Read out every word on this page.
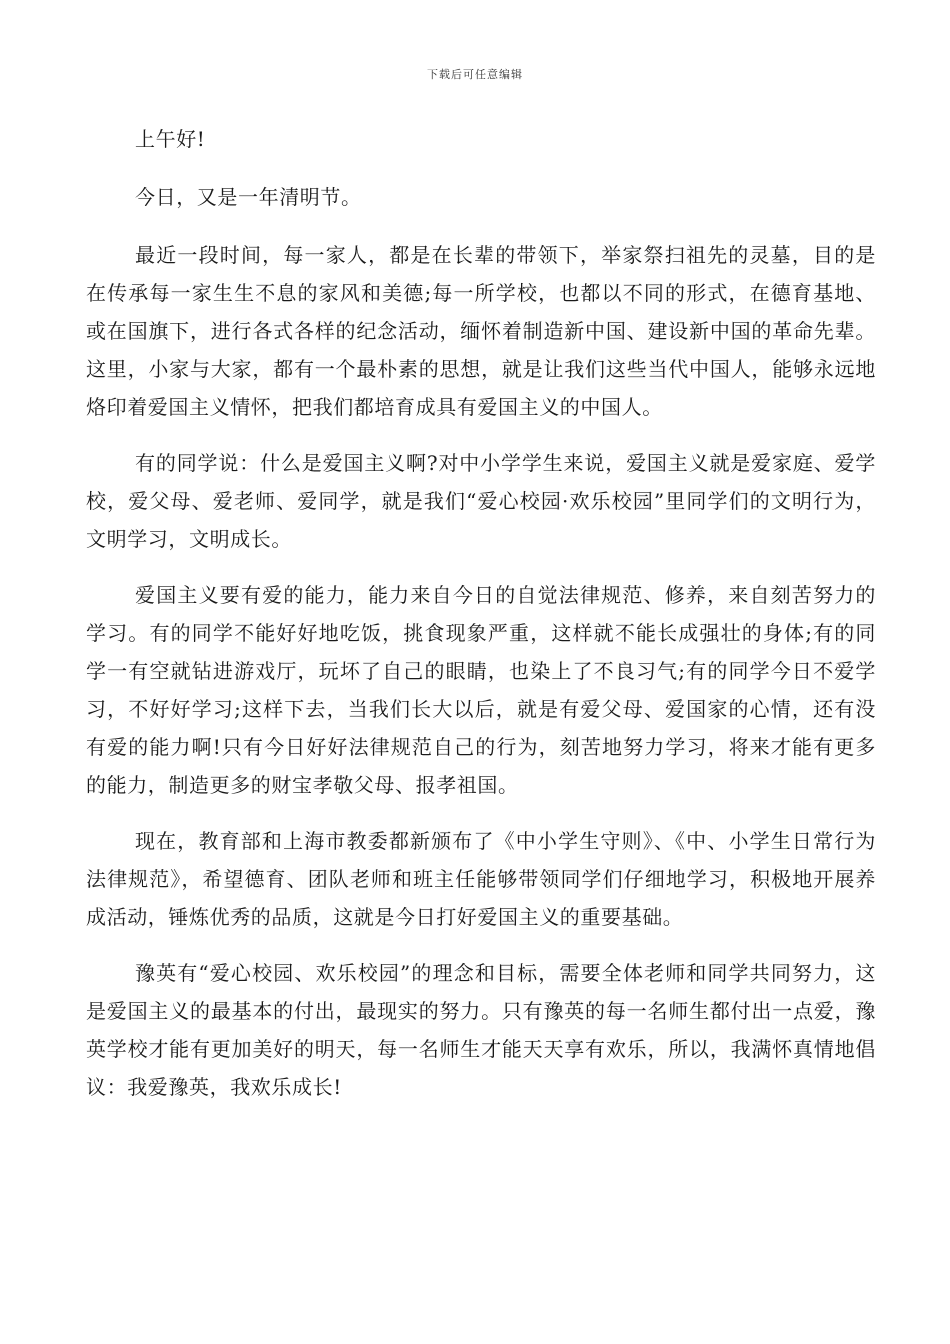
下载后可任意编辑

上午好!

今日，又是一年清明节。

最近一段时间，每一家人，都是在长辈的带领下，举家祭扫祖先的灵墓，目的是在传承每一家生生不息的家风和美德;每一所学校，也都以不同的形式，在德育基地、或在国旗下，进行各式各样的纪念活动，缅怀着制造新中国、建设新中国的革命先辈。这里，小家与大家，都有一个最朴素的思想，就是让我们这些当代中国人，能够永远地烙印着爱国主义情怀，把我们都培育成具有爱国主义的中国人。

有的同学说：什么是爱国主义啊?对中小学学生来说，爱国主义就是爱家庭、爱学校，爱父母、爱老师、爱同学，就是我们“爱心校园·欢乐校园”里同学们的文明行为，文明学习，文明成长。

爱国主义要有爱的能力，能力来自今日的自觉法律规范、修养，来自刻苦努力的学习。有的同学不能好好地吃饭，挑食现象严重，这样就不能长成强壮的身体;有的同学一有空就钻进游戏厅，玩坏了自己的眼睛，也染上了不良习气;有的同学今日不爱学习，不好好学习;这样下去，当我们长大以后，就是有爱父母、爱国家的心情，还有没有爱的能力啊!只有今日好好法律规范自己的行为，刻苦地努力学习，将来才能有更多的能力，制造更多的财宝孝敬父母、报孝祖国。

现在，教育部和上海市教委都新颁布了《中小学生守则》、《中、小学生日常行为法律规范》，希望德育、团队老师和班主任能够带领同学们仔细地学习，积极地开展养成活动，锤炼优秀的品质，这就是今日打好爱国主义的重要基础。

豫英有“爱心校园、欢乐校园”的理念和目标，需要全体老师和同学共同努力，这是爱国主义的最基本的付出，最现实的努力。只有豫英的每一名师生都付出一点爱，豫英学校才能有更加美好的明天，每一名师生才能天天享有欢乐，所以，我满怀真情地倡议：我爱豫英，我欢乐成长!
